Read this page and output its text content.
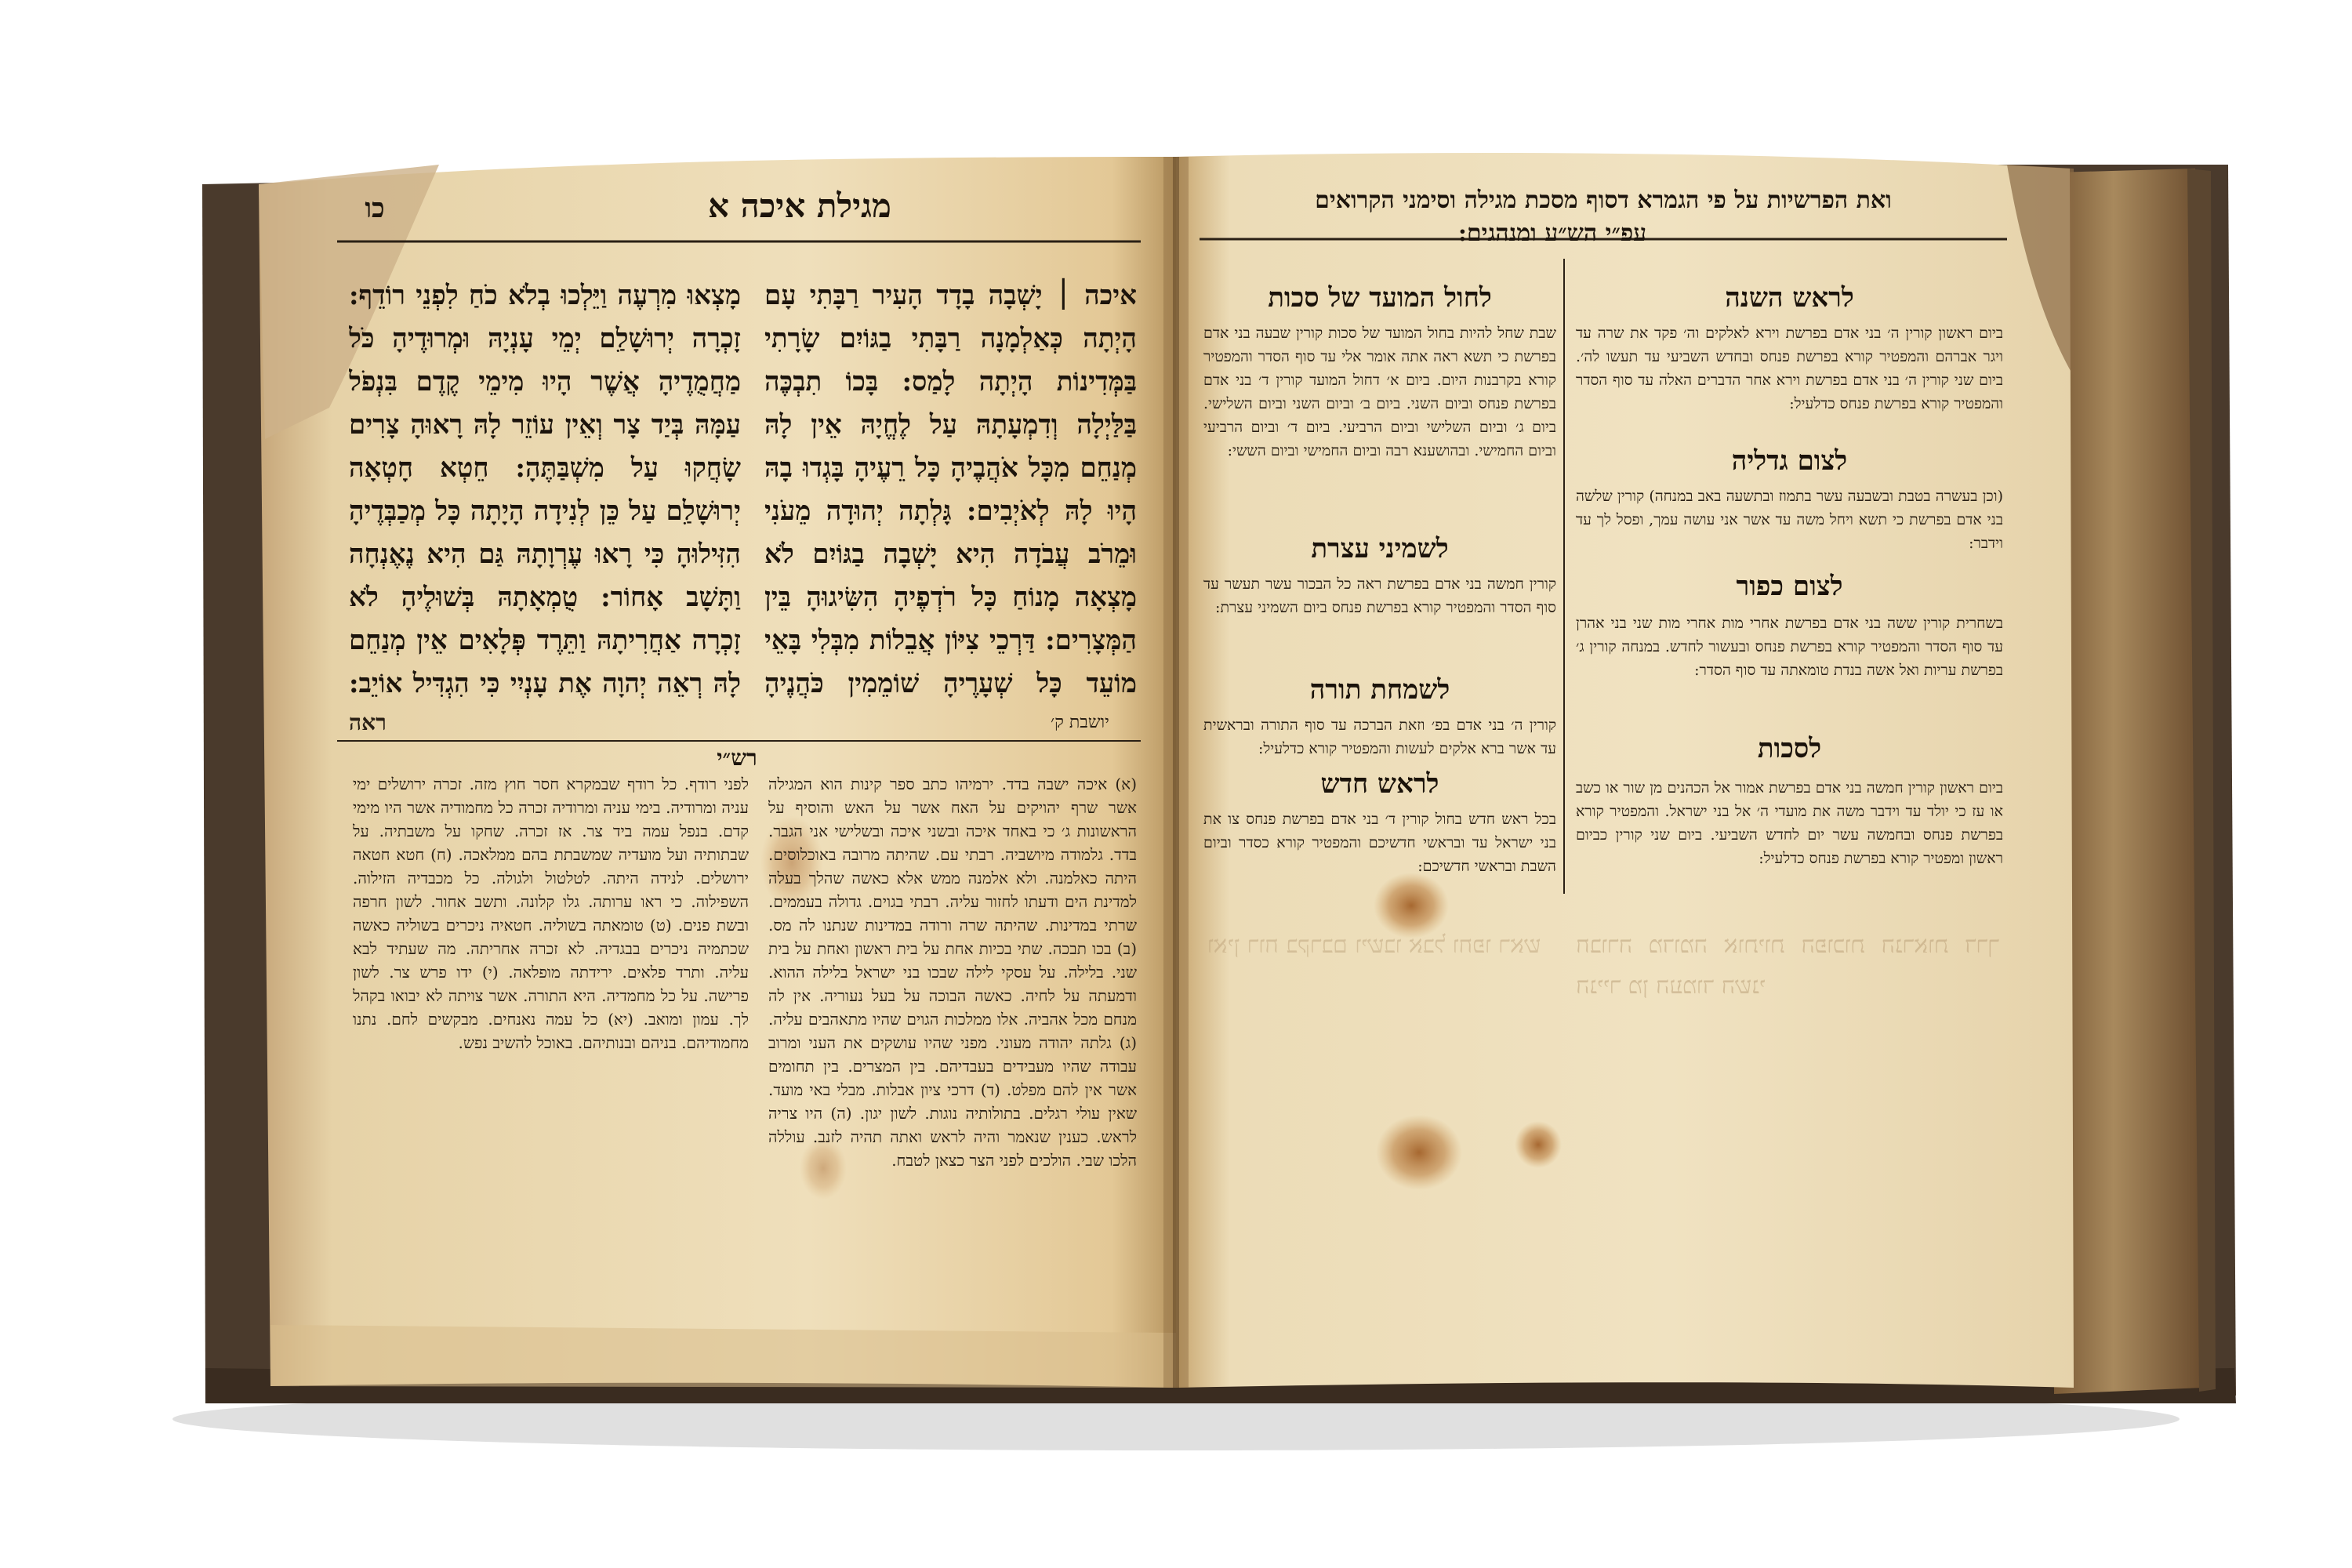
מגילת איכה א
כו

איכה ׀ יָשְׁבָה בָדָד הָעִיר רַבָּתִי עָם הָיְתָה כְּאַלְמָנָה רַבָּתִי בַגּוֹיִם שָׂרָתִי בַּמְּדִינוֹת הָיְתָה לָמַס: בָּכוֹ תִבְכֶּה בַּלַּיְלָה וְדִמְעָתָהּ עַל לֶחֱיָהּ אֵין לָהּ מְנַחֵם מִכָּל אֹהֲבֶיהָ כָּל רֵעֶיהָ בָּגְדוּ בָהּ הָיוּ לָהּ לְאֹיְבִים: גָּלְתָה יְהוּדָה מֵעֹנִי וּמֵרֹב עֲבֹדָה הִיא יָשְׁבָה בַגּוֹיִם לֹא מָצְאָה מָנוֹחַ כָּל רֹדְפֶיהָ הִשִּׂיגוּהָ בֵּין הַמְּצָרִים: דַּרְכֵי צִיּוֹן אֲבֵלוֹת מִבְּלִי בָּאֵי מוֹעֵד כָּל שְׁעָרֶיהָ שׁוֹמֵמִין כֹּהֲנֶיהָ

מָצְאוּ מִרְעֶה וַיֵּלְכוּ בְלֹא כֹחַ לִפְנֵי רוֹדֵף: זָכְרָה יְרוּשָׁלַ͏ִם יְמֵי עָנְיָהּ וּמְרוּדֶיהָ כֹּל מַחֲמֻדֶיהָ אֲשֶׁר הָיוּ מִימֵי קֶדֶם בִּנְפֹל עַמָּהּ בְּיַד צָר וְאֵין עוֹזֵר לָהּ רָאוּהָ צָרִים שָׂחֲקוּ עַל מִשְׁבַּתֶּהָ: חֵטְא חָטְאָה יְרוּשָׁלַ͏ִם עַל כֵּן לְנִידָה הָיָתָה כָּל מְכַבְּדֶיהָ הִזִּילוּהָ כִּי רָאוּ עֶרְוָתָהּ גַּם הִיא נֶאֶנְחָה וַתָּשָׁב אָחוֹר: טֻמְאָתָהּ בְּשׁוּלֶיהָ לֹא זָכְרָה אַחֲרִיתָהּ וַתֵּרֶד פְּלָאִים אֵין מְנַחֵם לָהּ רְאֵה יְהוָה אֶת עָנְיִי כִּי הִגְדִּיל אוֹיֵב:

ראה	יושבת ק׳
רש״י

(א) איכה ישבה בדד. ירמיהו כתב ספר קינות הוא המגילה אשר שרף יהויקים על האח אשר על האש והוסיף על הראשונות ג׳ כי באחד איכה ובשני איכה ובשלישי אני הגבר. בדד. גלמודה מיושביה. רבתי עם. שהיתה מרובה באוכלוסים. היתה כאלמנה. ולא אלמנה ממש אלא כאשה שהלך בעלה למדינת הים ודעתו לחזור עליה. רבתי בגוים. גדולה בעממים. שרתי במדינות. שהיתה שרה ורודה במדינות שנתנו לה מס. (ב) בכו תבכה. שתי בכיות אחת על בית ראשון ואחת על בית שני. בלילה. על עסקי לילה שבכו בני ישראל בלילה ההוא. ודמעתה על לחיה. כאשה הבוכה על בעל נעוריה. אין לה מנחם מכל אהביה. אלו ממלכות הגוים שהיו מתאהבים עליה. (ג) גלתה יהודה מעוני. מפני שהיו עושקים את העני ומרוב עבודה שהיו מעבידים בעבדיהם. בין המצרים. בין תחומים אשר אין להם מפלט. (ד) דרכי ציון אבלות. מבלי באי מועד. שאין עולי רגלים. בתולותיה נוגות. לשון יגון. (ה) היו צריה לראש. כענין שנאמר והיה לראש ואתה תהיה לזנב. עוללה הלכו שבי. הולכים לפני הצר כצאן לטבח.

לפני רודף. כל רודף שבמקרא חסר חוץ מזה. זכרה ירושלים ימי עניה ומרודיה. בימי עניה ומרודיה זכרה כל מחמודיה אשר היו מימי קדם. בנפל עמה ביד צר. אז זכרה. שחקו על משבתיה. על שבתותיה ועל מועדיה שמשבתת בהם ממלאכה. (ח) חטא חטאה ירושלים. לנידה היתה. לטלטול ולגולה. כל מכבדיה הזילוה. השפילוה. כי ראו ערותה. גלו קלונה. ותשב אחור. לשון חרפה ובשת פנים. (ט) טומאתה בשוליה. חטאיה ניכרים בשוליה כאשה שכתמיה ניכרים בבגדיה. לא זכרה אחריתה. מה שעתיד לבא עליה. ותרד פלאים. ירידתה מופלאה. (י) ידו פרש צר. לשון פרישה. על כל מחמדיה. היא התורה. אשר צויתה לא יבואו בקהל לך. עמון ומואב. (יא) כל עמה נאנחים. מבקשים לחם. נתנו מחמודיהם. בניהם ובנותיהם. באוכל להשיב נפש.

ואת הפרשיות על פי הגמרא דסוף מסכת מגילה וסימני הקרואים
עפ״י הש״ע ומנהגים:
לראש השנה
ביום ראשון קורין ה׳ בני אדם בפרשת וירא לאלקים וה׳ פקד את שרה עד ויגר אברהם והמפטיר קורא בפרשת פנחס ובחדש השביעי עד תעשו לה׳. ביום שני קורין ה׳ בני אדם בפרשת וירא אחר הדברים האלה עד סוף הסדר והמפטיר קורא בפרשת פנחס כדלעיל:
לצום גדליה
(וכן בעשרה בטבת ובשבעה עשר בתמוז ובתשעה באב במנחה) קורין שלשה בני אדם בפרשת כי תשא ויחל משה עד אשר אני עושה עמך, ופסל לך עד וידבר:
לצום כפור
בשחרית קורין ששה בני אדם בפרשת אחרי מות אחרי מות שני בני אהרן עד סוף הסדר והמפטיר קורא בפרשת פנחס ובעשור לחדש. במנחה קורין ג׳ בפרשת עריות ואל אשה בנדת טומאתה עד סוף הסדר:
לסכות
ביום ראשון קורין חמשה בני אדם בפרשת אמור אל הכהנים מן שור או כשב או עז כי יולד עד וידבר משה את מועדי ה׳ אל בני ישראל. והמפטיר קורא בפרשת פנחס ובחמשה עשר יום לחדש השביעי. ביום שני קורין כביום ראשון ומפטיר קורא בפרשת פנחס כדלעיל:
לחול המועד של סכות
שבת שחל להיות בחול המועד של סכות קורין שבעה בני אדם בפרשת כי תשא ראה אתה אומר אלי עד סוף הסדר והמפטיר קורא בקרבנות היום. ביום א׳ דחול המועד קורין ד׳ בני אדם בפרשת פנחס וביום השני. ביום ב׳ וביום השני וביום השלישי. ביום ג׳ וביום השלישי וביום הרביעי. ביום ד׳ וביום הרביעי וביום החמישי. ובהושענא רבה וביום החמישי וביום הששי:
לשמיני עצרת
קורין חמשה בני אדם בפרשת ראה כל הבכור עשר תעשר עד סוף הסדר והמפטיר קורא בפרשת פנחס ביום השמיני עצרת:
לשמחת תורה
קורין ה׳ בני אדם בפ׳ וזאת הברכה עד סוף התורה ובראשית עד אשר ברא אלקים לעשות והמפטיר קורא כדלעיל:
לראש חדש
בכל ראש חדש בחול קורין ד׳ בני אדם בפרשת פנחס צו את בני ישראל עד ובראשי חדשיכם והמפטיר קורא כסדר וביום השבת ובראשי חדשיכם:

חבורה מדומה אותיות הפוכות הנראות דרך הנייר מן העמוד השני

ואין רוח בקרבם וישבו אבל וחפו ראש
